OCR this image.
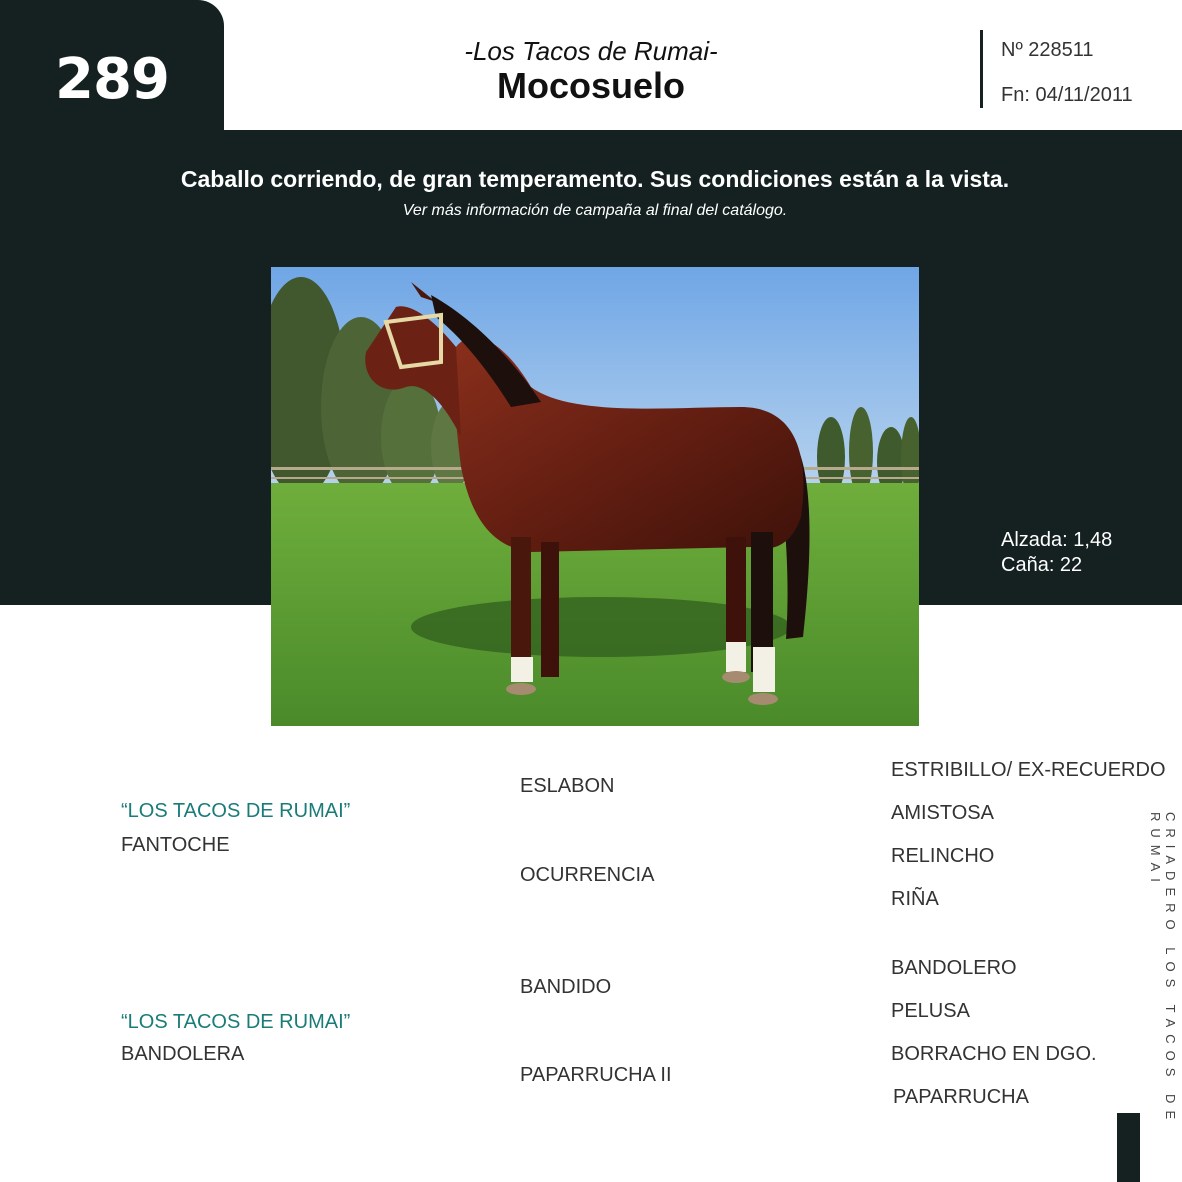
289	-Los Tacos de Rumai-
Mocosuelo
Nº 228511
Fn: 04/11/2011
Caballo corriendo, de gran temperamento. Sus condiciones están a la vista.
Ver más información de campaña al final del catálogo.
Alzada: 1,48
Caña: 22
“LOS TACOS DE RUMAI”
FANTOCHE
“LOS TACOS DE RUMAI”
BANDOLERA
ESLABON
OCURRENCIA
BANDIDO
PAPARRUCHA II
ESTRIBILLO/ EX-RECUERDO
AMISTOSA
RELINCHO
RIÑA
BANDOLERO
PELUSA
BORRACHO EN DGO.
PAPARRUCHA	CRIADERO LOS TACOS DE RUMAI
